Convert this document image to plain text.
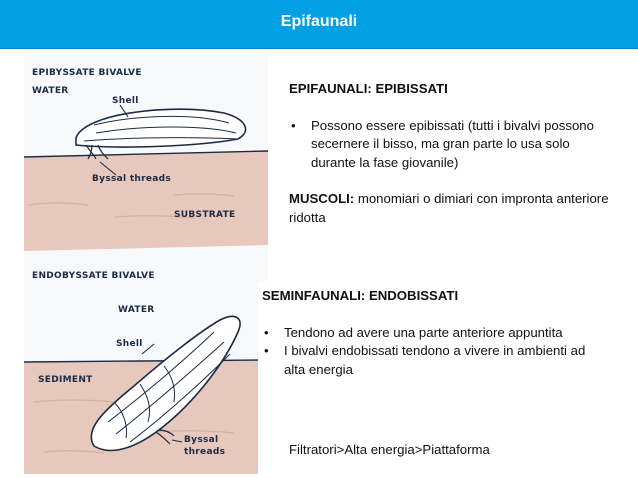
Epifaunali
EPIBYSSATE BIVALVE
WATER
Shell
Byssal threads
SUBSTRATE
ENDOBYSSATE BIVALVE
WATER
Shell
SEDIMENT
Byssal
threads
EPIFAUNALI: EPIBISSATI
• Possono essere epibissati (tutti i bivalvi possono secernere il bisso, ma gran parte lo usa solo durante la fase giovanile)
MUSCOLI: monomiari o dimiari con impronta anteriore ridotta
SEMINFAUNALI: ENDOBISSATI
• Tendono ad avere una parte anteriore appuntita
• I bivalvi endobissati tendono a vivere in ambienti ad alta energia
Filtratori>Alta energia>Piattaforma
